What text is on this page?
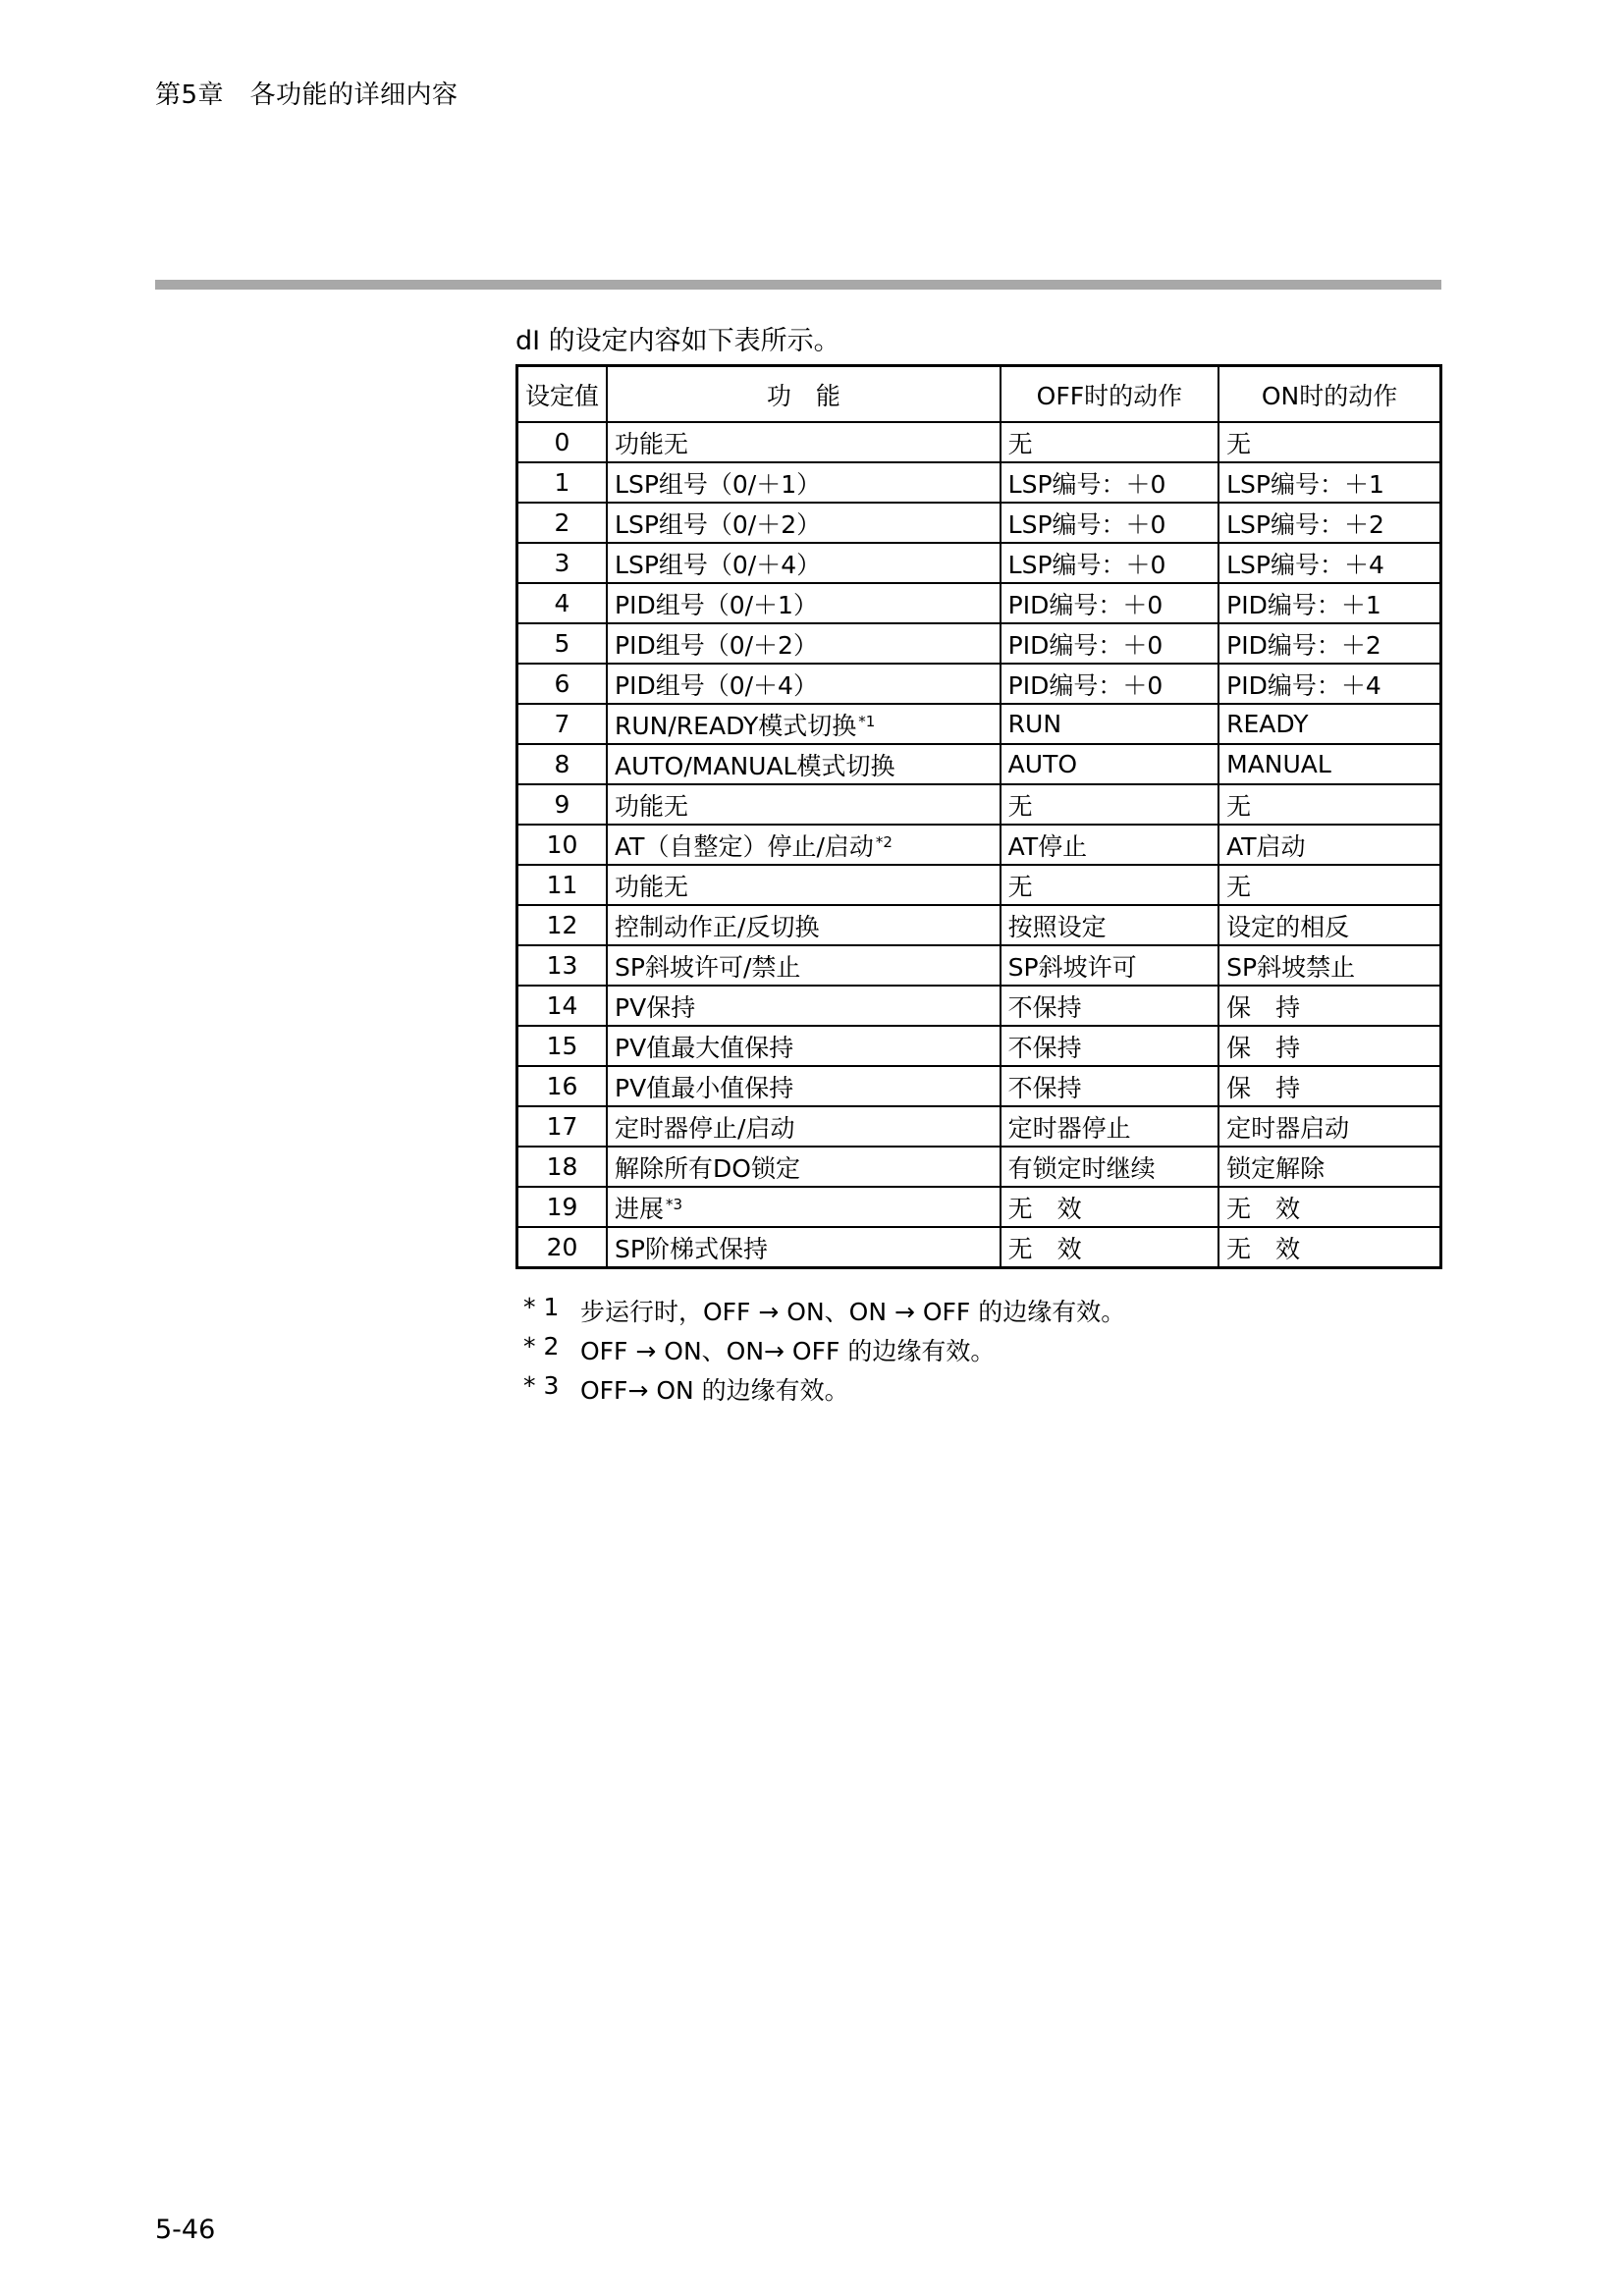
第5章　各功能的详细内容
dI 的设定内容如下表所示。
设定值	功　能	OFF时的动作	ON时的动作
0	功能无	无	无
1	LSP组号（0/＋1）	LSP编号：＋0	LSP编号：＋1
2	LSP组号（0/＋2）	LSP编号：＋0	LSP编号：＋2
3	LSP组号（0/＋4）	LSP编号：＋0	LSP编号：＋4
4	PID组号（0/＋1）	PID编号：＋0	PID编号：＋1
5	PID组号（0/＋2）	PID编号：＋0	PID编号：＋2
6	PID组号（0/＋4）	PID编号：＋0	PID编号：＋4
7	RUN/READY模式切换 $^{*1}$	RUN	READY
8	AUTO/MANUAL模式切换	AUTO	MANUAL
9	功能无	无	无
10	AT（自整定）停止/启动 $^{*2}$	AT停止	AT启动
11	功能无	无	无
12	控制动作正/反切换	按照设定	设定的相反
13	SP斜坡许可/禁止	SP斜坡许可	SP斜坡禁止
14	PV保持	不保持	保　持
15	PV值最大值保持	不保持	保　持
16	PV值最小值保持	不保持	保　持
17	定时器停止/启动	定时器停止	定时器启动
18	解除所有DO锁定	有锁定时继续	锁定解除
19	进展 $^{*3}$	无　效	无　效
20	SP阶梯式保持	无　效	无　效
* 1 步运行时，OFF → ON、ON → OFF 的边缘有效。
* 2 OFF → ON、ON→ OFF 的边缘有效。
* 3 OFF→ ON 的边缘有效。
5-46
